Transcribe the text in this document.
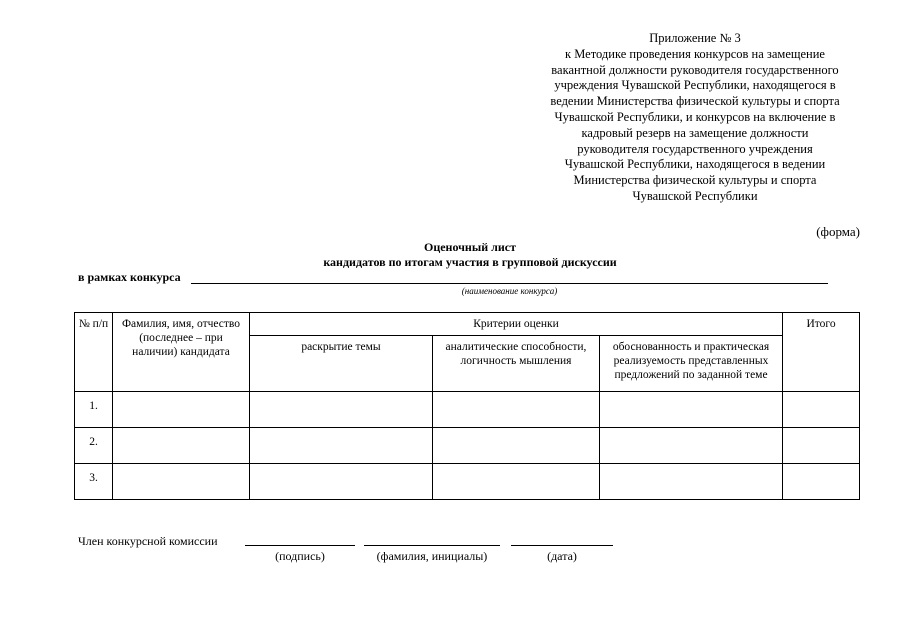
Приложение № 3
к Методике проведения конкурсов на замещение
вакантной должности руководителя государственного
учреждения Чувашской Республики, находящегося в
ведении Министерства физической культуры и спорта
Чувашской Республики, и конкурсов на включение в
кадровый резерв на замещение должности
руководителя государственного учреждения
Чувашской Республики, находящегося в ведении
Министерства физической культуры и спорта
Чувашской Республики
(форма)
Оценочный лист
кандидатов по итогам участия в групповой дискуссии
в рамках конкурса
(наименование конкурса)
№ п/п	Фамилия, имя, отчество (последнее – при наличии) кандидата	Критерии оценки			Итого
		раскрытие темы	аналитические способности, логичность мышления	обоснованность и практическая реализуемость представленных предложений по заданной теме	
1.					
2.					
3.					
Член конкурсной комиссии
(подпись)	(фамилия, инициалы)	(дата)
